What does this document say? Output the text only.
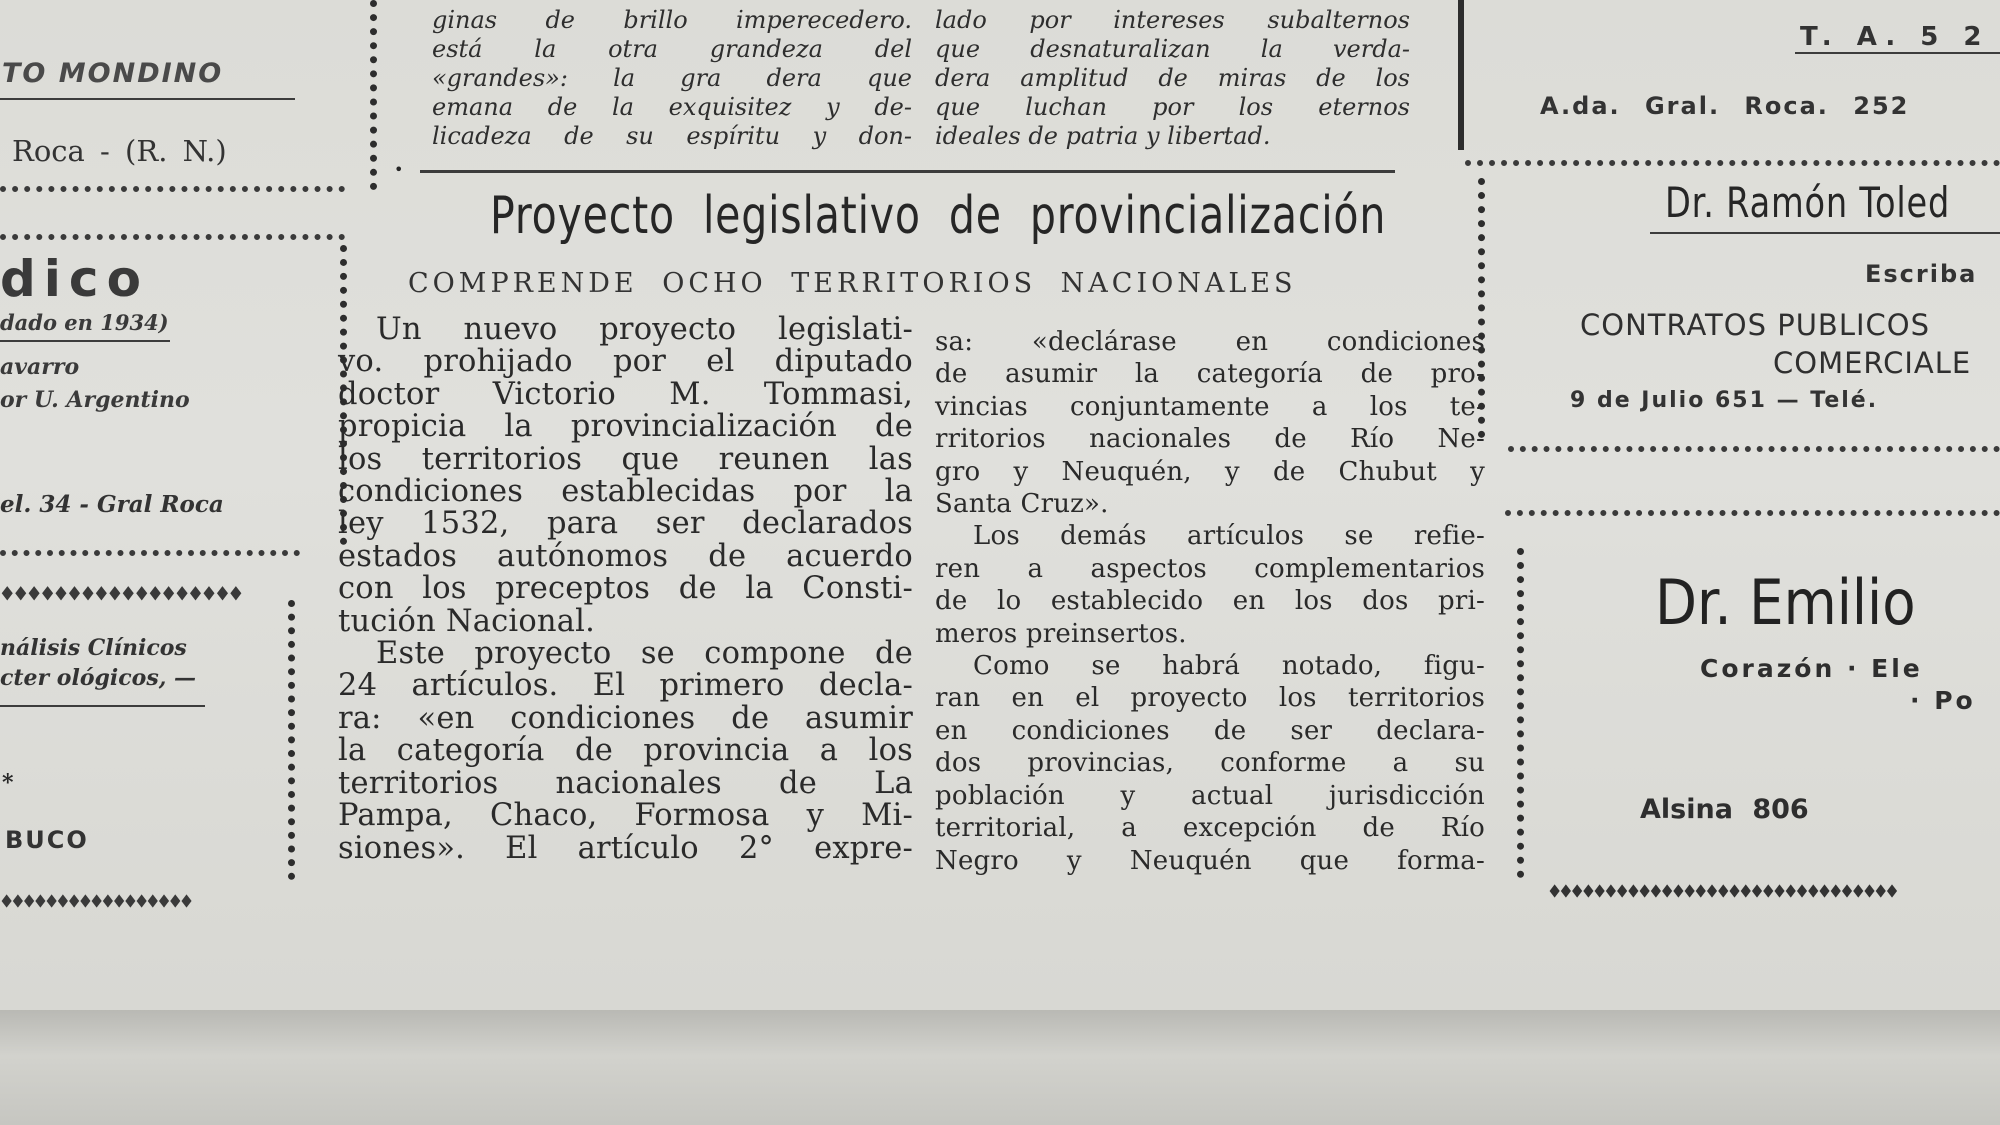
TO MONDINO
Roca - (R. N.)
dico
dado en 1934)
avarro
or U. Argentino
el. 34 - Gral Roca
♦♦♦♦♦♦♦♦♦♦♦♦♦♦♦♦♦♦
nálisis Clínicos
cter ológicos, —
*
BUCO
♦♦♦♦♦♦♦♦♦♦♦♦♦♦♦♦♦
ginas de brillo imperecedero.
está la otra grandeza del
«grandes»: la gra dera que
emana de la exquisitez y de-
licadeza de su espíritu y don-
lado por intereses subalternos
que desnaturalizan la verda-
dera amplitud de miras de los
que luchan por los eternos
ideales de patria y libertad.
•
Proyecto legislativo de provincialización
COMPRENDE OCHO TERRITORIOS NACIONALES
Un nuevo proyecto legislati-
vo. prohijado por el diputado
doctor Victorio M. Tommasi,
propicia la provincialización de
los territorios que reunen las
condiciones establecidas por la
ley 1532, para ser declarados
estados autónomos de acuerdo
con los preceptos de la Consti-
tución Nacional.
Este proyecto se compone de
24 artículos. El primero decla-
ra: «en condiciones de asumir
la categoría de provincia a los
territorios nacionales de La
Pampa, Chaco, Formosa y Mi-
siones». El artículo 2° expre-
sa: «declárase en condiciones
de asumir la categoría de pro-
vincias conjuntamente a los te-
rritorios nacionales de Río Ne-
gro y Neuquén, y de Chubut y
Santa Cruz».
Los demás artículos se refie-
ren a aspectos complementarios
de lo establecido en los dos pri-
meros preinsertos.
Como se habrá notado, figu-
ran en el proyecto los territorios
en condiciones de ser declara-
dos provincias, conforme a su
población y actual jurisdicción
territorial, a excepción de Río
Negro y Neuquén que forma-
T. A. 5 2
A.da. Gral. Roca. 252
Dr. Ramón Toled
Escriba
CONTRATOS PUBLICOS
COMERCIALE
9 de Julio 651 — Telé.
Dr. Emilio
Corazón · Ele
· Po
Alsina 806
♦♦♦♦♦♦♦♦♦♦♦♦♦♦♦♦♦♦♦♦♦♦♦♦♦♦♦♦♦♦♦
